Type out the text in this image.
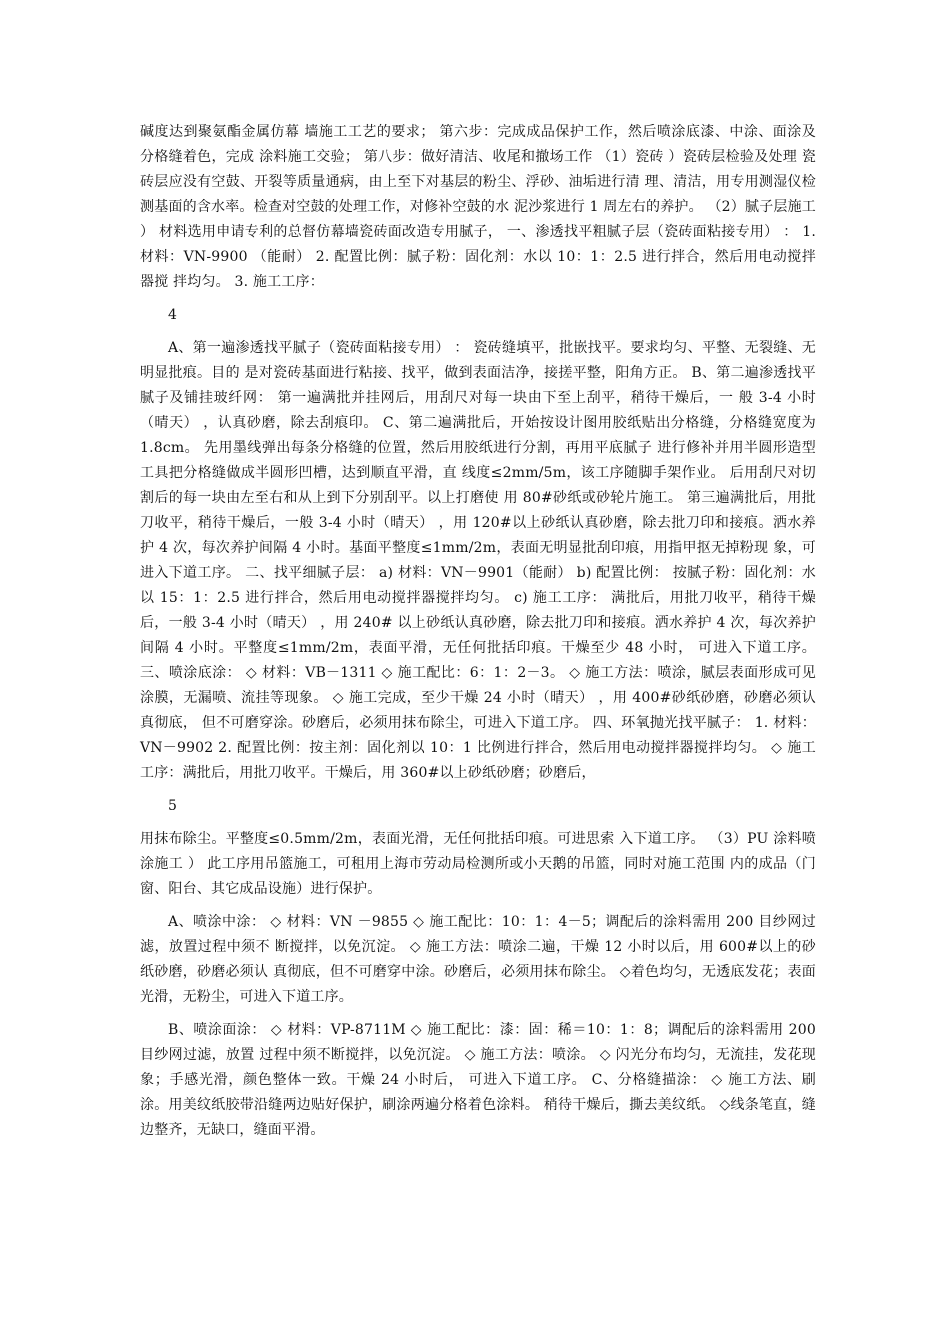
碱度达到聚氨酯金属仿幕 墙施工工艺的要求； 第六步：完成成品保护工作，然后喷涂底漆、中涂、面涂及分格缝着色，完成 涂料施工交验； 第八步：做好清洁、收尾和撤场工作 （1）瓷砖 ）瓷砖层检验及处理 瓷砖层应没有空鼓、开裂等质量通病，由上至下对基层的粉尘、浮砂、油垢进行清 理、清洁，用专用测湿仪检测基面的含水率。检查对空鼓的处理工作，对修补空鼓的水 泥沙浆进行 1 周左右的养护。 （2）腻子层施工 ） 材料选用申请专利的总督仿幕墙瓷砖面改造专用腻子， 一、渗透找平粗腻子层（瓷砖面粘接专用） ： 1. 材料：VN-9900 （能耐） 2. 配置比例：腻子粉：固化剂：水以 10：1：2.5 进行拌合，然后用电动搅拌器搅 拌均匀。 3. 施工工序：

4

A、第一遍渗透找平腻子（瓷砖面粘接专用） ： 瓷砖缝填平，批嵌找平。要求均匀、平整、无裂缝、无明显批痕。目的 是对瓷砖基面进行粘接、找平，做到表面洁净，接搓平整，阳角方正。 B、第二遍渗透找平腻子及铺挂玻纤网： 第一遍满批并挂网后，用刮尺对每一块由下至上刮平，稍待干燥后，一 般 3-4 小时（晴天） ，认真砂磨，除去刮痕印。 C、第二遍满批后，开始按设计图用胶纸贴出分格缝，分格缝宽度为 1.8cm。 先用墨线弹出每条分格缝的位置，然后用胶纸进行分割，再用平底腻子 进行修补并用半圆形造型工具把分格缝做成半圆形凹槽，达到顺直平滑，直 线度≤2mm/5m，该工序随脚手架作业。 后用刮尺对切割后的每一块由左至右和从上到下分别刮平。以上打磨使 用 80#砂纸或砂轮片施工。 第三遍满批后，用批刀收平，稍待干燥后，一般 3-4 小时（晴天） ，用 120#以上砂纸认真砂磨，除去批刀印和接痕。洒水养护 4 次，每次养护间隔 4 小时。基面平整度≤1mm/2m，表面无明显批刮印痕，用指甲抠无掉粉现 象，可进入下道工序。 二、找平细腻子层： a) 材料：VN－9901（能耐） b) 配置比例： 按腻子粉：固化剂：水以 15：1：2.5 进行拌合，然后用电动搅拌器搅拌均匀。 c) 施工工序： 满批后，用批刀收平，稍待干燥后，一般 3-4 小时（晴天） ，用 240# 以上砂纸认真砂磨，除去批刀印和接痕。洒水养护 4 次，每次养护间隔 4 小时。平整度≤1mm/2m，表面平滑，无任何批括印痕。干燥至少 48 小时， 可进入下道工序。 三、喷涂底涂： ◇ 材料：VB－1311 ◇ 施工配比：6：1：2－3。 ◇ 施工方法：喷涂，腻层表面形成可见涂膜，无漏喷、流挂等现象。 ◇ 施工完成，至少干燥 24 小时（晴天） ，用 400#砂纸砂磨，砂磨必须认真彻底， 但不可磨穿涂。砂磨后，必须用抹布除尘，可进入下道工序。 四、环氧抛光找平腻子： 1. 材料：VN－9902 2. 配置比例：按主剂：固化剂以 10：1 比例进行拌合，然后用电动搅拌器搅拌均匀。 ◇ 施工工序：满批后，用批刀收平。干燥后，用 360#以上砂纸砂磨；砂磨后，

5

用抹布除尘。平整度≤0.5mm/2m，表面光滑，无任何批括印痕。可进思索 入下道工序。 （3）PU 涂料喷涂施工 ） 此工序用吊篮施工，可租用上海市劳动局检测所或小天鹅的吊篮，同时对施工范围 内的成品（门窗、阳台、其它成品设施）进行保护。

A、喷涂中涂： ◇ 材料：VN －9855 ◇ 施工配比：10：1：4－5；调配后的涂料需用 200 目纱网过滤，放置过程中须不 断搅拌，以免沉淀。 ◇ 施工方法：喷涂二遍，干燥 12 小时以后，用 600#以上的砂纸砂磨，砂磨必须认 真彻底，但不可磨穿中涂。砂磨后，必须用抹布除尘。 ◇着色均匀，无透底发花；表面光滑，无粉尘，可进入下道工序。

B、喷涂面涂： ◇ 材料：VP-8711M ◇ 施工配比：漆：固：稀＝10：1：8；调配后的涂料需用 200 目纱网过滤，放置 过程中须不断搅拌，以免沉淀。 ◇ 施工方法：喷涂。 ◇ 闪光分布均匀，无流挂，发花现象；手感光滑，颜色整体一致。干燥 24 小时后， 可进入下道工序。 C、分格缝描涂： ◇ 施工方法、刷涂。用美纹纸胶带沿缝两边贴好保护，刷涂两遍分格着色涂料。 稍待干燥后，撕去美纹纸。 ◇线条笔直，缝边整齐，无缺口，缝面平滑。
